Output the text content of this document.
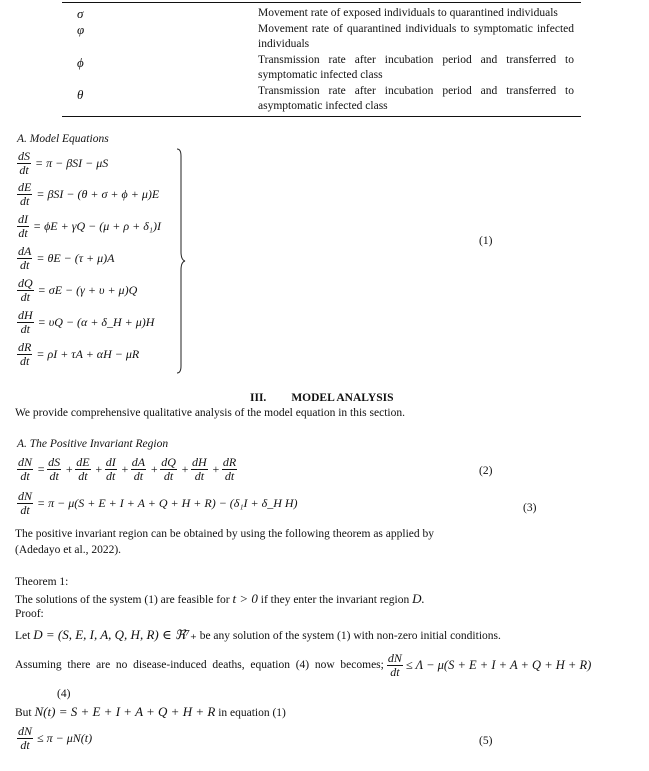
σ	Movement rate of exposed individuals to quarantined individuals
φ	Movement rate of quarantined individuals to symptomatic infected individuals
ϕ	Transmission rate after incubation period and transferred to symptomatic infected class
θ	Transmission rate after incubation period and transferred to asymptomatic infected class
A. Model Equations
$\frac{dS}{dt} = \pi - \beta SI - \mu S$
$\frac{dE}{dt} = \beta SI - (\theta + \sigma + \phi + \mu)E$
$\frac{dI}{dt} = \phi E + \gamma Q - (\mu + \rho + \delta_1)I$
$\frac{dA}{dt} = \theta E - (\tau + \mu)A$
$\frac{dQ}{dt} = \sigma E - (\gamma + \upsilon + \mu)Q$
$\frac{dH}{dt} = \upsilon Q - (\alpha$ + δ_H + μ)H
$\frac{dR}{dt} = \rho I + \tau A + \alpha H - \mu R$
(1)
III. MODEL ANALYSIS
We provide comprehensive qualitative analysis of the model equation in this section.
A. The Positive Invariant Region
$\frac{dN}{dt} = \frac{dS}{dt} + \frac{dE}{dt} + \frac{dI}{dt} + \frac{dA}{dt} + \frac{dQ}{dt} + \frac{dH}{dt} + \frac{dR}{dt}$	(2)
$\frac{dN}{dt} = \pi - \mu(S + E + I + A + Q + H + R) - (\delta_1I$ + δ_H H)	(3)
The positive invariant region can be obtained by using the following theorem as applied by
(Adedayo et al., 2022).
Theorem 1:
The solutions of the system (1) are feasible for t > 0 if they enter the invariant region D.
Proof:
Let D = (S, E, I, A, Q, H, R) ∈ ℜ⁷₊ be any solution of the system (1) with non-zero initial conditions.
Assuming  there  are  no  disease-induced  deaths,  equation  (4)  now  becomes; $\frac{dN}{dt} \le \Lambda - \mu(S + E + I + A + Q + H + R)$
(4)
But N(t) = S + E + I + A + Q + H + R in equation (1)
$\frac{dN}{dt} \le \pi - \mu N(t)$	(5)
